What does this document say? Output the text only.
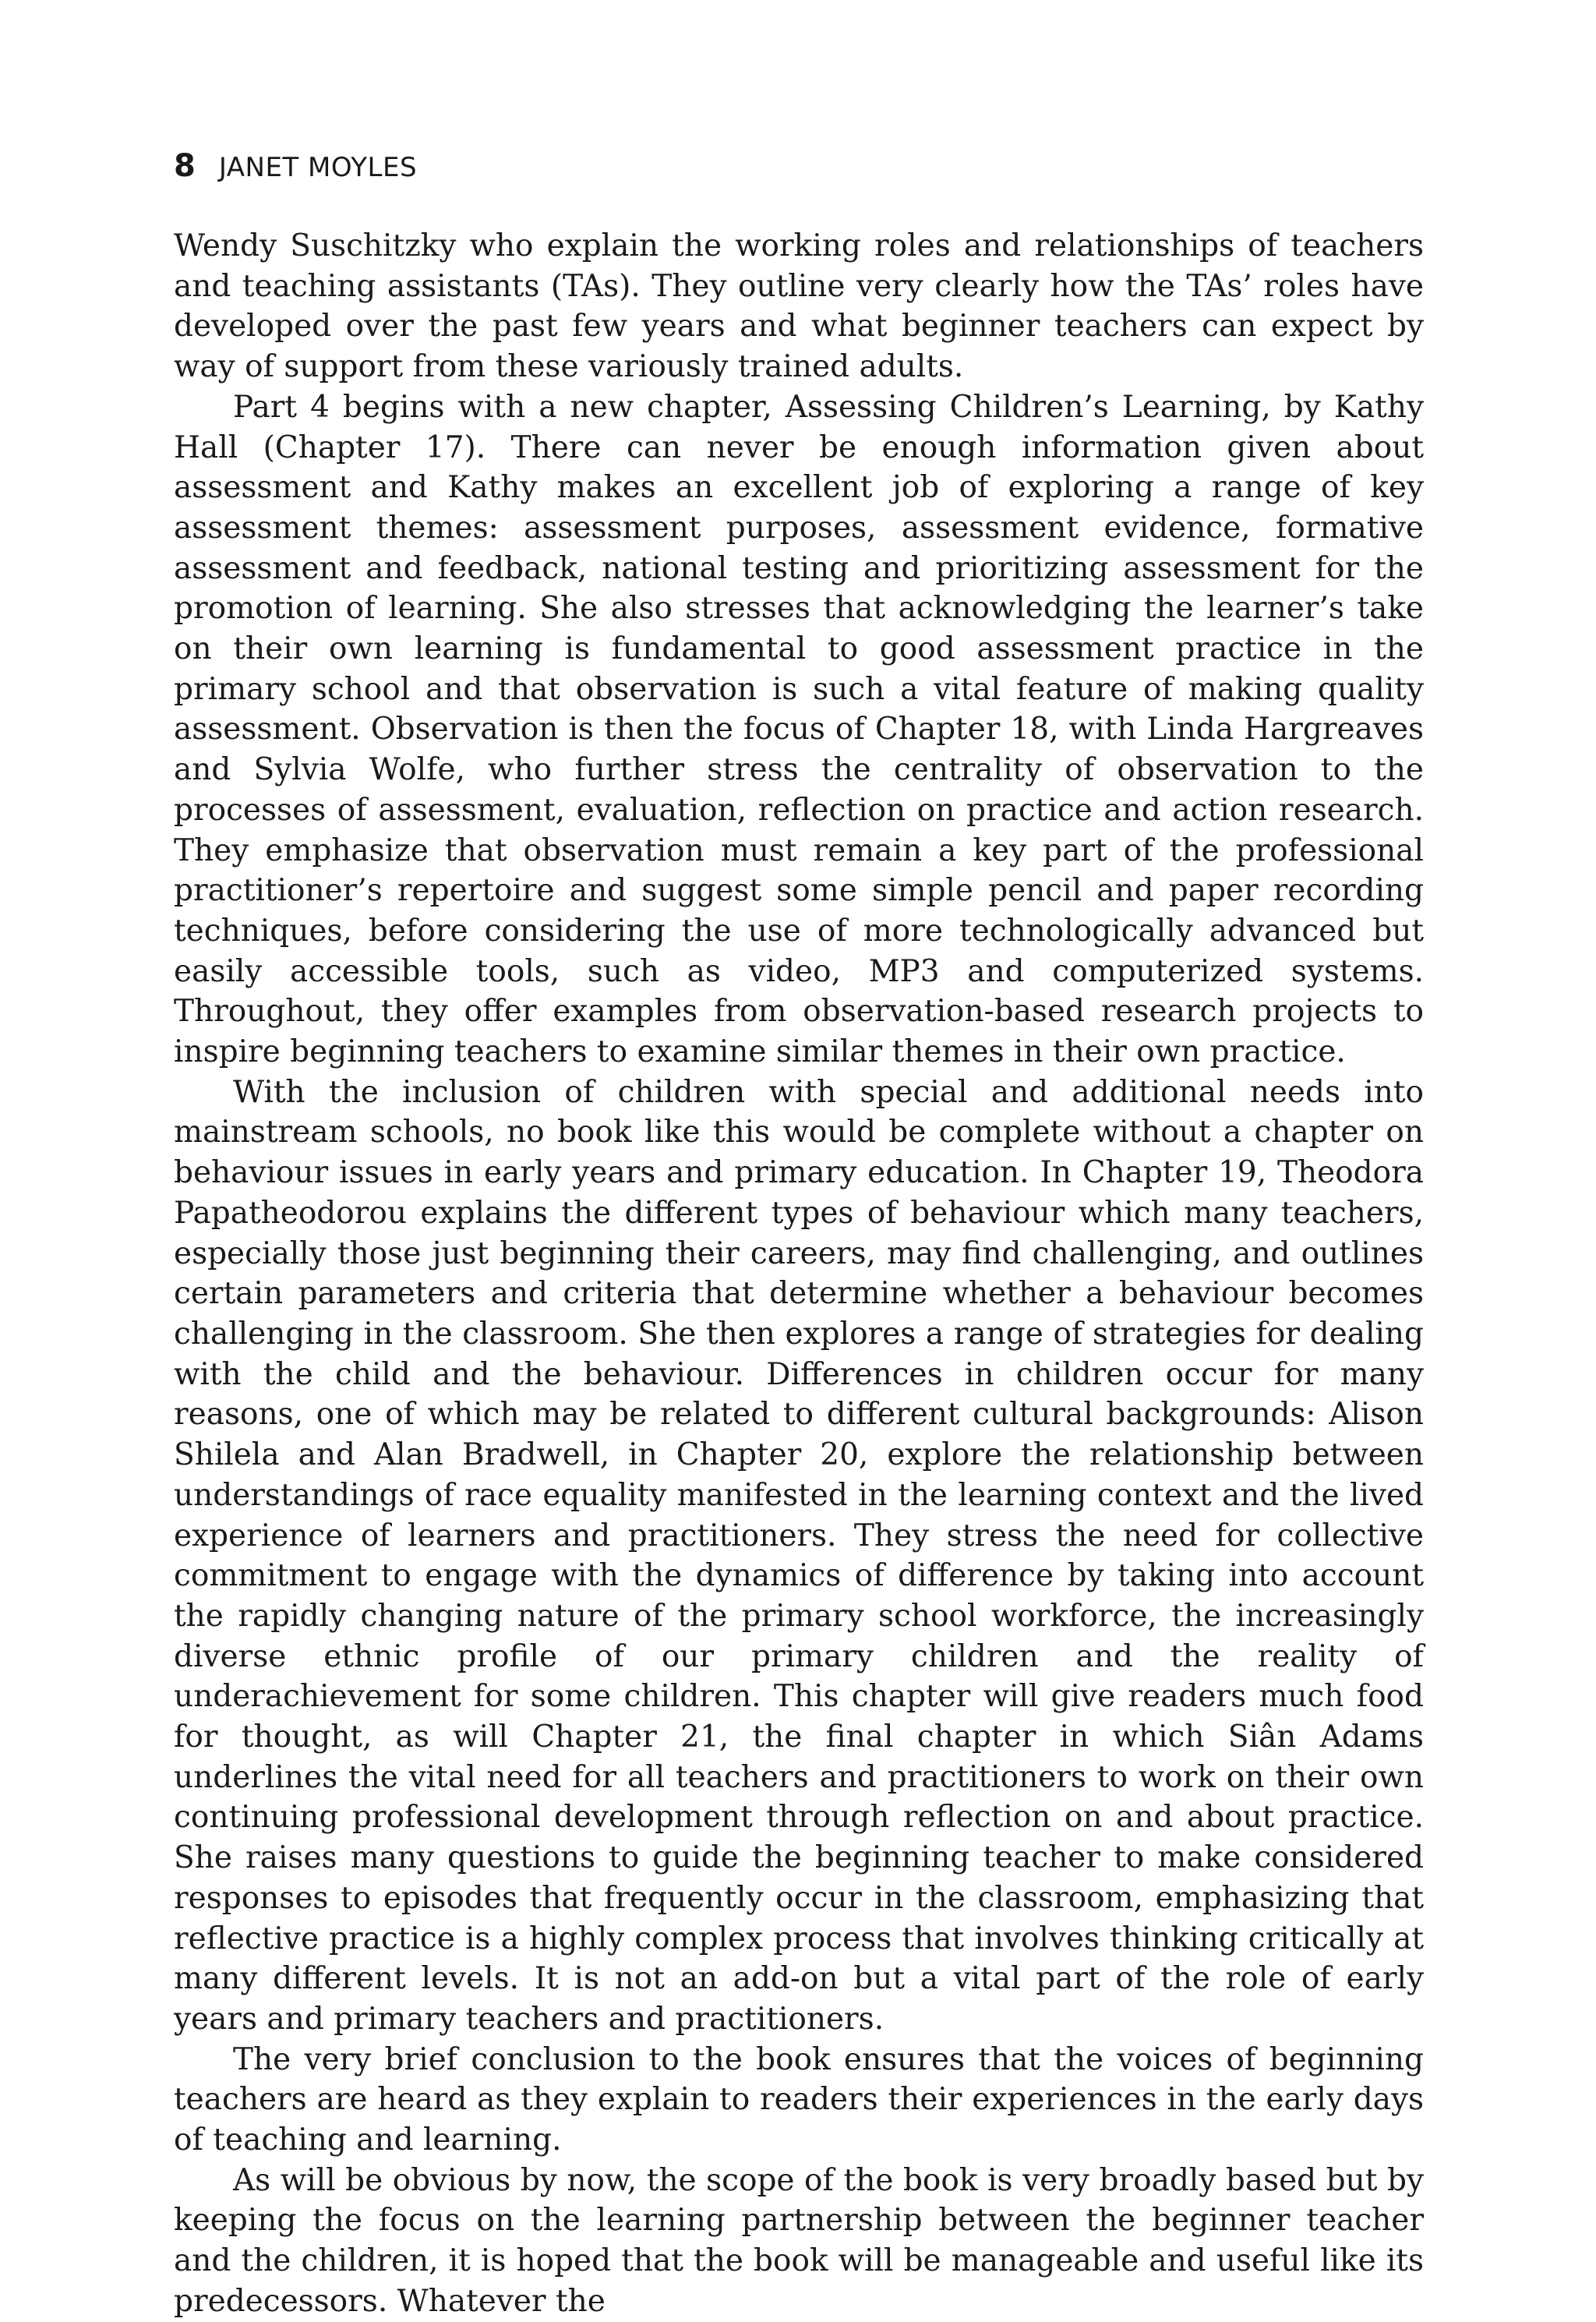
8 JANET MOYLES

Wendy Suschitzky who explain the working roles and relationships of teachers and teaching assistants (TAs). They outline very clearly how the TAs’ roles have developed over the past few years and what beginner teachers can expect by way of support from these variously trained adults.

Part 4 begins with a new chapter, Assessing Children’s Learning, by Kathy Hall (Chapter 17). There can never be enough information given about assessment and Kathy makes an excellent job of exploring a range of key assessment themes: assessment purposes, assessment evidence, formative assessment and feedback, national testing and prioritizing assessment for the promotion of learning. She also stresses that acknowledging the learner’s take on their own learning is fundamental to good assessment practice in the primary school and that observation is such a vital feature of making quality assessment. Observation is then the focus of Chapter 18, with Linda Hargreaves and Sylvia Wolfe, who further stress the centrality of observation to the processes of assessment, evaluation, reflection on practice and action research. They emphasize that observation must remain a key part of the professional practitioner’s repertoire and suggest some simple pencil and paper recording techniques, before considering the use of more technologically advanced but easily accessible tools, such as video, MP3 and computerized systems. Throughout, they offer examples from observation-based research projects to inspire beginning teachers to examine similar themes in their own practice.

With the inclusion of children with special and additional needs into mainstream schools, no book like this would be complete without a chapter on behaviour issues in early years and primary education. In Chapter 19, Theodora Papatheodorou explains the different types of behaviour which many teachers, especially those just beginning their careers, may find challenging, and outlines certain parameters and criteria that determine whether a behaviour becomes challenging in the classroom. She then explores a range of strategies for dealing with the child and the behaviour. Differences in children occur for many reasons, one of which may be related to different cultural backgrounds: Alison Shilela and Alan Bradwell, in Chapter 20, explore the relationship between understandings of race equality manifested in the learning context and the lived experience of learners and practitioners. They stress the need for collective commitment to engage with the dynamics of difference by taking into account the rapidly changing nature of the primary school workforce, the increasingly diverse ethnic profile of our primary children and the reality of underachievement for some children. This chapter will give readers much food for thought, as will Chapter 21, the final chapter in which Siân Adams underlines the vital need for all teachers and practitioners to work on their own continuing professional development through reflection on and about practice. She raises many questions to guide the beginning teacher to make considered responses to episodes that frequently occur in the classroom, emphasizing that reflective practice is a highly complex process that involves thinking critically at many different levels. It is not an add-on but a vital part of the role of early years and primary teachers and practitioners.

The very brief conclusion to the book ensures that the voices of beginning teachers are heard as they explain to readers their experiences in the early days of teaching and learning.

As will be obvious by now, the scope of the book is very broadly based but by keeping the focus on the learning partnership between the beginner teacher and the children, it is hoped that the book will be manageable and useful like its predecessors. Whatever the
